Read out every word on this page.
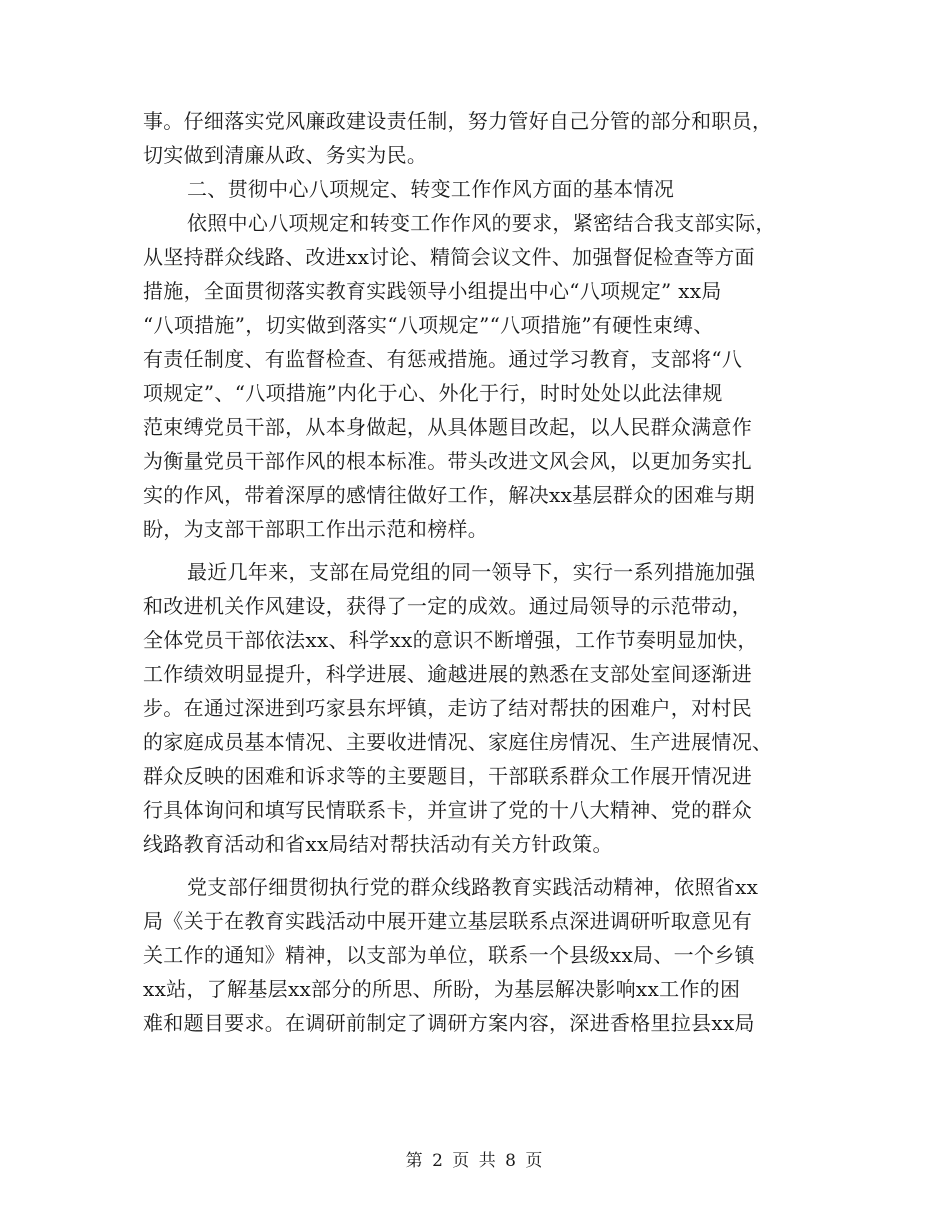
事。仔细落实党风廉政建设责任制，努力管好自己分管的部分和职员，
切实做到清廉从政、务实为民。
二、贯彻中心八项规定、转变工作作风方面的基本情况
依照中心八项规定和转变工作作风的要求，紧密结合我支部实际，
从坚持群众线路、改进xx讨论、精简会议文件、加强督促检查等方面
措施，全面贯彻落实教育实践领导小组提出中心“八项规定” xx局
“八项措施”，切实做到落实“八项规定”“八项措施”有硬性束缚、
有责任制度、有监督检查、有惩戒措施。通过学习教育，支部将“八
项规定”、“八项措施”内化于心、外化于行，时时处处以此法律规
范束缚党员干部，从本身做起，从具体题目改起，以人民群众满意作
为衡量党员干部作风的根本标准。带头改进文风会风，以更加务实扎
实的作风，带着深厚的感情往做好工作，解决xx基层群众的困难与期
盼，为支部干部职工作出示范和榜样。
最近几年来，支部在局党组的同一领导下，实行一系列措施加强
和改进机关作风建设，获得了一定的成效。通过局领导的示范带动，
全体党员干部依法xx、科学xx的意识不断增强，工作节奏明显加快，
工作绩效明显提升，科学进展、逾越进展的熟悉在支部处室间逐渐进
步。在通过深进到巧家县东坪镇，走访了结对帮扶的困难户，对村民
的家庭成员基本情况、主要收进情况、家庭住房情况、生产进展情况、
群众反映的困难和诉求等的主要题目，干部联系群众工作展开情况进
行具体询问和填写民情联系卡，并宣讲了党的十八大精神、党的群众
线路教育活动和省xx局结对帮扶活动有关方针政策。
党支部仔细贯彻执行党的群众线路教育实践活动精神，依照省xx
局《关于在教育实践活动中展开建立基层联系点深进调研听取意见有
关工作的通知》精神，以支部为单位，联系一个县级xx局、一个乡镇
xx站，了解基层xx部分的所思、所盼，为基层解决影响xx工作的困
难和题目要求。在调研前制定了调研方案内容，深进香格里拉县xx局
第 2 页 共 8 页
